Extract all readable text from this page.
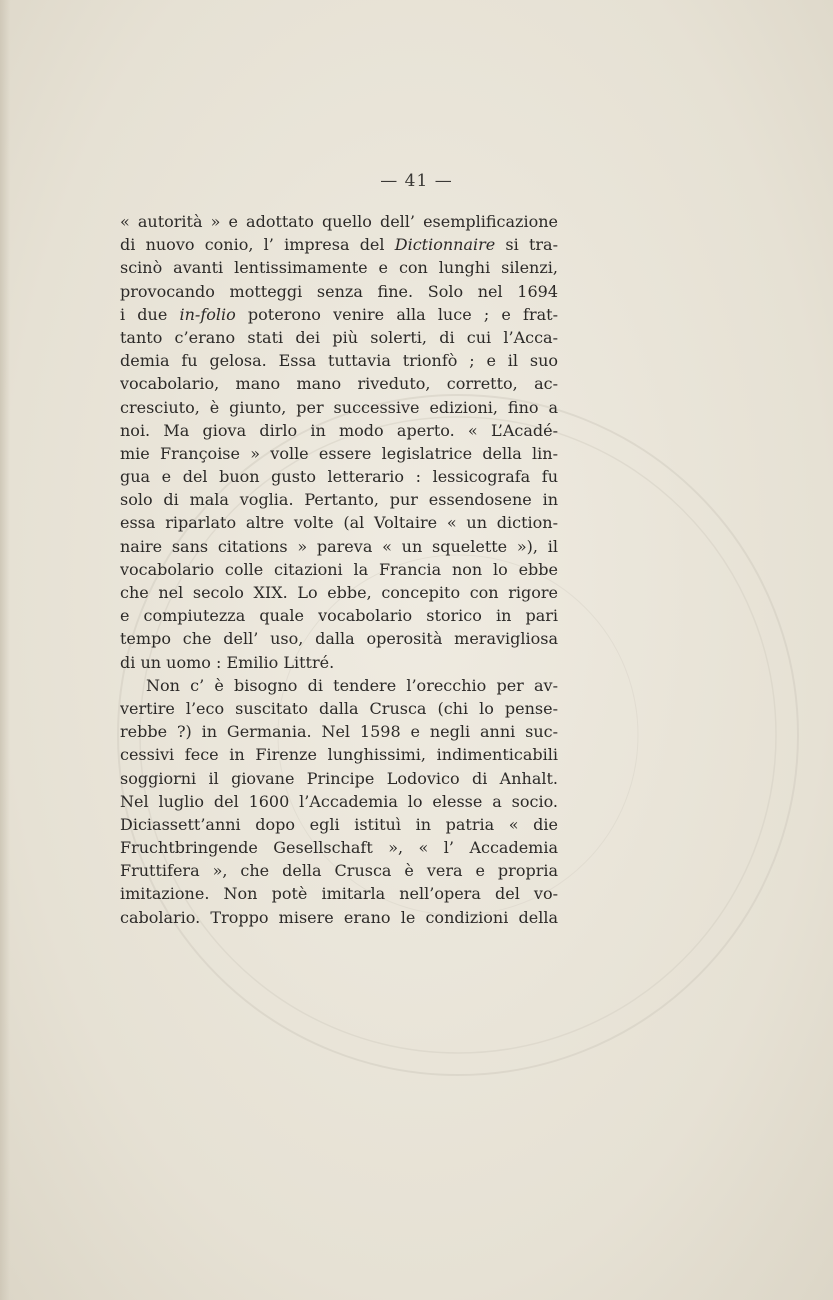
— 41 —
« autorità » e adottato quello dell’ esemplificazione
di nuovo conio, l’ impresa del Dictionnaire si tra-
scinò avanti lentissimamente e con lunghi silenzi,
provocando motteggi senza fine. Solo nel 1694
i due in-folio poterono venire alla luce ; e frat-
tanto c’erano stati dei più solerti, di cui l’Acca-
demia fu gelosa. Essa tuttavia trionfò ; e il suo
vocabolario, mano mano riveduto, corretto, ac-
cresciuto, è giunto, per successive edizioni, fino a
noi. Ma giova dirlo in modo aperto. « L’Acadé-
mie Françoise » volle essere legislatrice della lin-
gua e del buon gusto letterario : lessicografa fu
solo di mala voglia. Pertanto, pur essendosene in
essa riparlato altre volte (al Voltaire « un diction-
naire sans citations » pareva « un squelette »), il
vocabolario colle citazioni la Francia non lo ebbe
che nel secolo XIX. Lo ebbe, concepito con rigore
e compiutezza quale vocabolario storico in pari
tempo che dell’ uso, dalla operosità meravigliosa
di un uomo : Emilio Littré.
Non c’ è bisogno di tendere l’orecchio per av-
vertire l’eco suscitato dalla Crusca (chi lo pense-
rebbe ?) in Germania. Nel 1598 e negli anni suc-
cessivi fece in Firenze lunghissimi, indimenticabili
soggiorni il giovane Principe Lodovico di Anhalt.
Nel luglio del 1600 l’Accademia lo elesse a socio.
Diciassett’anni dopo egli istituì in patria « die
Fruchtbringende Gesellschaft », « l’ Accademia
Fruttifera », che della Crusca è vera e propria
imitazione. Non potè imitarla nell’opera del vo-
cabolario. Troppo misere erano le condizioni della
